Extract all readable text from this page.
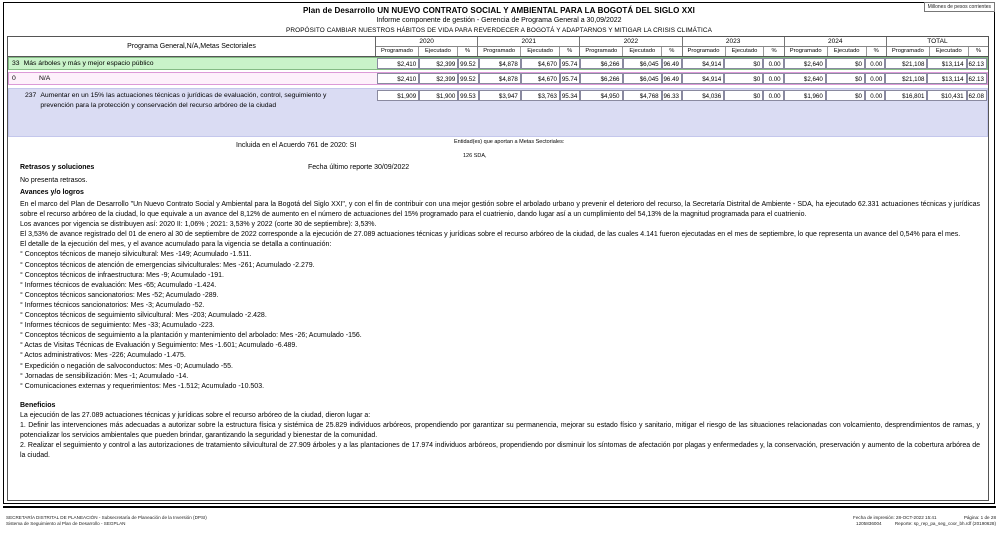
Millones de pesos corrientes
Plan de Desarrollo UN NUEVO CONTRATO SOCIAL Y AMBIENTAL PARA LA BOGOTÁ DEL SIGLO XXI
Informe componente de gestión - Gerencia de Programa General a 30,09/2022
PROPÓSITO CAMBIAR NUESTROS HÁBITOS DE VIDA PARA REVERDECER A BOGOTÁ Y ADAPTARNOS Y MITIGAR LA CRISIS CLIMÁTICA
Programa General,N/A,Metas Sectoriales
2020
Programado	Ejecutado	%
2021
Programado	Ejecutado	%
2022
Programado	Ejecutado	%
2023
Programado	Ejecutado	%
2024
Programado	Ejecutado	%
TOTAL
Programado	Ejecutado	%
33 Más árboles y más y mejor espacio público	$2,410	$2,399 99.52	$4,878	$4,670 95.74	$6,266	$6,045 96.49	$4,914	$0	0.00	$2,640	$0	0.00	$21,108	$13,114 62.13
0	N/A	$2,410	$2,399 99.52	$4,878	$4,670 95.74	$6,266	$6,045 96.49	$4,914	$0	0.00	$2,640	$0	0.00	$21,108	$13,114 62.13
237 Aumentar en un 15% las actuaciones técnicas o jurídicas de evaluación, control, seguimiento y prevención para la protección y conservación del recurso arbóreo de la ciudad
$1,909	$1,900 99.53	$3,947	$3,763 95.34	$4,950	$4,768 96.33	$4,036	$0	0.00	$1,960	$0	0.00	$16,801	$10,431 62.08
Incluida en el Acuerdo 761 de 2020: SI	Entidad(es) que aportan a Metas Sectoriales:
126 SDA,
Retrasos y soluciones	Fecha último reporte 30/09/2022
No presenta retrasos.
Avances y/o logros

En el marco del Plan de Desarrollo "Un Nuevo Contrato Social y Ambiental para la Bogotá del Siglo XXI", y con el fin de contribuir con una mejor gestión sobre el arbolado urbano y prevenir el deterioro del recurso, la Secretaría Distrital de Ambiente - SDA, ha ejecutado 62.331 actuaciones técnicas y jurídicas sobre el recurso arbóreo de la ciudad, lo que equivale a un avance del 8,12% de aumento en el número de actuaciones del 15% programado para el cuatrienio, dando lugar así a un cumplimiento del 54,13% de la magnitud programada para el cuatrienio.

Los avances por vigencia se distribuyen así: 2020 II: 1,06% ; 2021: 3,53% y 2022 (corte 30 de septiembre): 3,53%.

El 3,53% de avance registrado del 01 de enero al 30 de septiembre de 2022 corresponde a la ejecución de 27.089 actuaciones técnicas y jurídicas sobre el recurso arbóreo de la ciudad, de las cuales 4.141 fueron ejecutadas en el mes de septiembre, lo que representa un avance del 0,54% para el mes.

El detalle de la ejecución del mes, y el avance acumulado para la vigencia se detalla a continuación:

° Conceptos técnicos de manejo silvicultural: Mes -149; Acumulado -1.511.
° Conceptos técnicos de atención de emergencias silviculturales: Mes -261; Acumulado -2.279.
° Conceptos técnicos de infraestructura: Mes -9; Acumulado -191.
° Informes técnicos de evaluación: Mes -65; Acumulado -1.424.
° Conceptos técnicos sancionatorios: Mes -52; Acumulado -289.
° Informes técnicos sancionatorios: Mes -3; Acumulado -52.
° Conceptos técnicos de seguimiento silvicultural: Mes -203; Acumulado -2.428.
° Informes técnicos de seguimiento: Mes -33; Acumulado -223.
° Conceptos técnicos de seguimiento a la plantación y mantenimiento del arbolado: Mes -26; Acumulado -156.
° Actas de Visitas Técnicas de Evaluación y Seguimiento: Mes -1.601; Acumulado -6.489.
° Actos administrativos: Mes -226; Acumulado -1.475.
° Expedición o negación de salvoconductos: Mes -0; Acumulado -55.
° Jornadas de sensibilización: Mes -1; Acumulado -14.
° Comunicaciones externas y requerimientos: Mes -1.512; Acumulado -10.503.

Beneficios

La ejecución de las 27.089 actuaciones técnicas y jurídicas sobre el recurso arbóreo de la ciudad, dieron lugar a:

1. Definir las intervenciones más adecuadas a autorizar sobre la estructura física y sistémica de 25.829 individuos arbóreos, propendiendo por garantizar su permanencia, mejorar su estado físico y sanitario, mitigar el riesgo de las situaciones relacionadas con volcamiento, desprendimientos de ramas, y potencializar los servicios ambientales que pueden brindar, garantizando la seguridad y bienestar de la comunidad.

2. Realizar el seguimiento y control a las autorizaciones de tratamiento silvicultural de 27.909 árboles y a las plantaciones de 17.974 individuos arbóreos, propendiendo por disminuir los síntomas de afectación por plagas y enfermedades y, la conservación, preservación y aumento de la cobertura arbórea de la ciudad.

SECRETARÍA DISTRITAL DE PLANEACIÓN - Subsecretaría de Planeación de la Inversión (DPSI)
Sistema de Seguimiento al Plan de Desarrollo - SEGPLAN
Fecha de impresión: 28-OCT-2022 15:41	Página: 1 de 28
1205836004	Reporte: sp_rep_pa_seg_coor_bh.rdf (20190628)
